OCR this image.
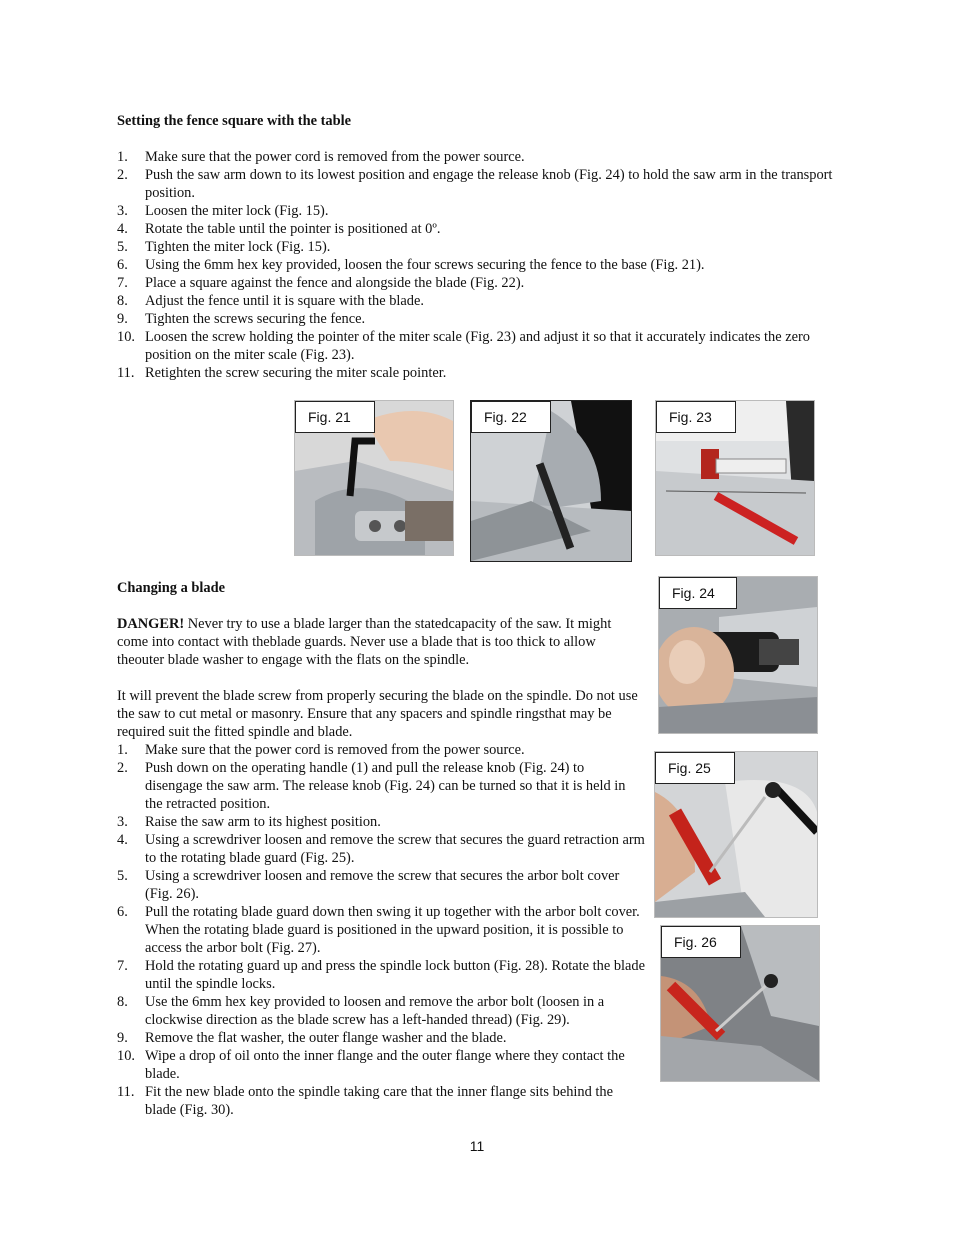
Setting the fence square with the table
1. Make sure that the power cord is removed from the power source.
2. Push the saw arm down to its lowest position and engage the release knob (Fig. 24) to hold the saw arm in the transport position.
3. Loosen the miter lock (Fig. 15).
4. Rotate the table until the pointer is positioned at 0º.
5. Tighten the miter lock (Fig. 15).
6. Using the 6mm hex key provided, loosen the four screws securing the fence to the base (Fig. 21).
7. Place a square against the fence and alongside the blade (Fig. 22).
8. Adjust the fence until it is square with the blade.
9. Tighten the screws securing the fence.
10. Loosen the screw holding the pointer of the miter scale (Fig. 23) and adjust it so that it accurately indicates the zero position on the miter scale (Fig. 23).
11. Retighten the screw securing the miter scale pointer.
Fig. 21	Fig. 22	Fig. 23
Changing a blade

DANGER! Never try to use a blade larger than the statedcapacity of the saw. It might come into contact with theblade guards. Never use a blade that is too thick to allow theouter blade washer to engage with the flats on the spindle.

It will prevent the blade screw from properly securing the blade on the spindle. Do not use the saw to cut metal or masonry. Ensure that any spacers and spindle ringsthat may be required suit the fitted spindle and blade.

1. Make sure that the power cord is removed from the power source.
2. Push down on the operating handle (1) and pull the release knob (Fig. 24) to disengage the saw arm. The release knob (Fig. 24) can be turned so that it is held in the retracted position.
3. Raise the saw arm to its highest position.
4. Using a screwdriver loosen and remove the screw that secures the guard retraction arm to the rotating blade guard (Fig. 25).
5. Using a screwdriver loosen and remove the screw that secures the arbor bolt cover (Fig. 26).
6. Pull the rotating blade guard down then swing it up together with the arbor bolt cover. When the rotating blade guard is positioned in the upward position, it is possible to access the arbor bolt (Fig. 27).
7. Hold the rotating guard up and press the spindle lock button (Fig. 28). Rotate the blade until the spindle locks.
8. Use the 6mm hex key provided to loosen and remove the arbor bolt (loosen in a clockwise direction as the blade screw has a left-handed thread) (Fig. 29).
9. Remove the flat washer, the outer flange washer and the blade.
10. Wipe a drop of oil onto the inner flange and the outer flange where they contact the blade.
11. Fit the new blade onto the spindle taking care that the inner flange sits behind the blade (Fig. 30).
Fig. 24
Fig. 25
Fig. 26
11
